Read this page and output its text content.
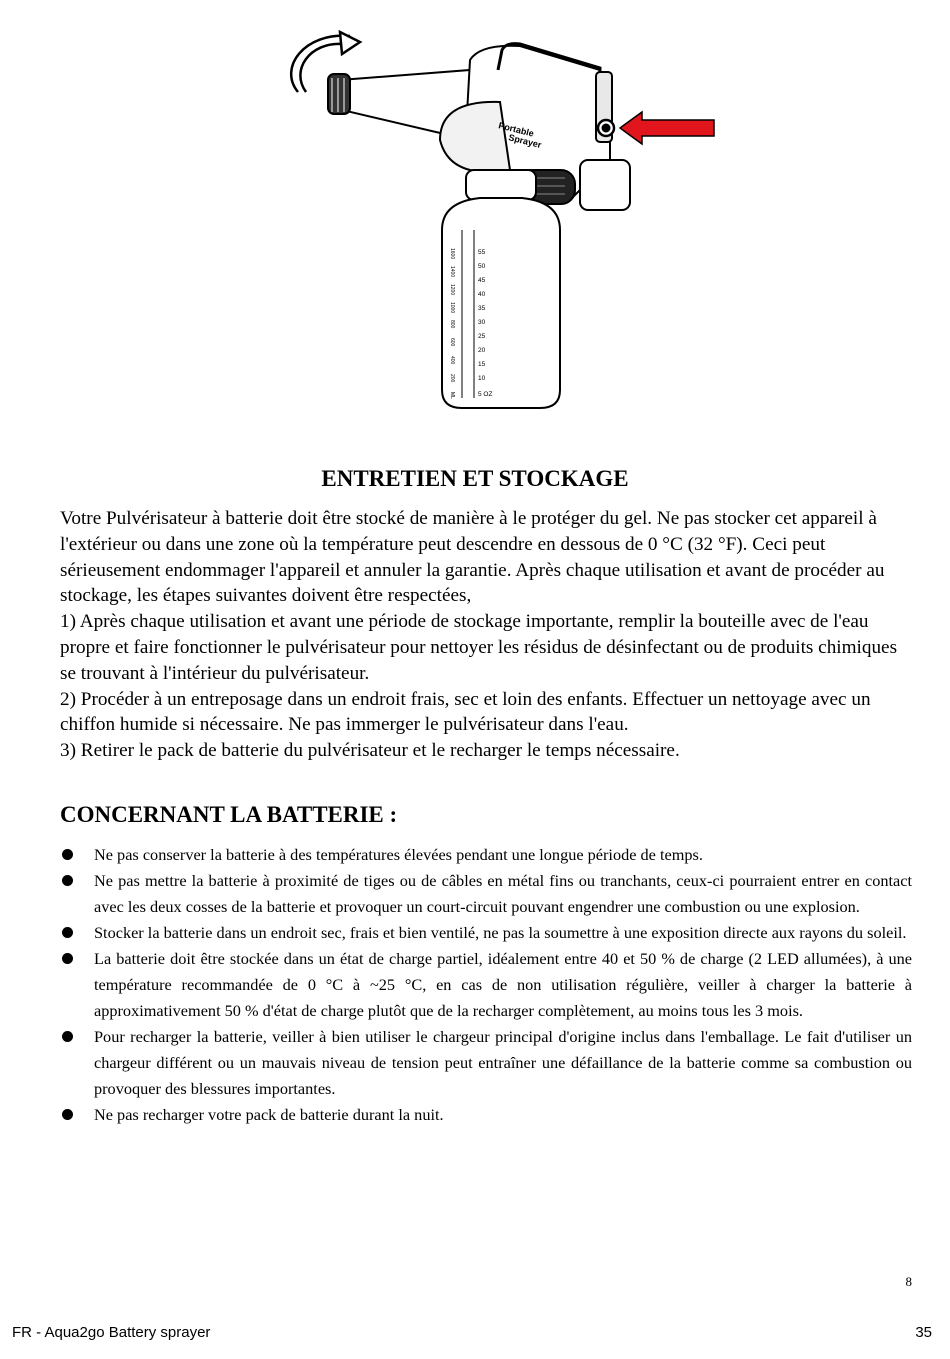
Portable
Sprayer
55
50
45
40
35
30
25
20
15
10
5 OZ
1600
1400
1200
1000
800
600
400
200
ML
ENTRETIEN ET STOCKAGE

Votre Pulvérisateur à batterie doit être stocké de manière à le protéger du gel. Ne pas stocker cet appareil à l'extérieur ou dans une zone où la température peut descendre en dessous de 0 °C (32 °F). Ceci peut sérieusement endommager l'appareil et annuler la garantie. Après chaque utilisation et avant de procéder au stockage, les étapes suivantes doivent être respectées,

1) Après chaque utilisation et avant une période de stockage importante, remplir la bouteille avec de l'eau propre et faire fonctionner le pulvérisateur pour nettoyer les résidus de désinfectant ou de produits chimiques se trouvant à l'intérieur du pulvérisateur.

2) Procéder à un entreposage dans un endroit frais, sec et loin des enfants. Effectuer un nettoyage avec un chiffon humide si nécessaire. Ne pas immerger le pulvérisateur dans l'eau.

3) Retirer le pack de batterie du pulvérisateur et le recharger le temps nécessaire.

CONCERNANT LA BATTERIE :
Ne pas conserver la batterie à des températures élevées pendant une longue période de temps.
Ne pas mettre la batterie à proximité de tiges ou de câbles en métal fins ou tranchants, ceux-ci pourraient entrer en contact avec les deux cosses de la batterie et provoquer un court-circuit pouvant engendrer une combustion ou une explosion.
Stocker la batterie dans un endroit sec, frais et bien ventilé, ne pas la soumettre à une exposition directe aux rayons du soleil.
La batterie doit être stockée dans un état de charge partiel, idéalement entre 40 et 50 % de charge (2 LED allumées), à une température recommandée de 0 °C à ~25 °C, en cas de non utilisation régulière, veiller à charger la batterie à approximativement 50 % d'état de charge plutôt que de la recharger complètement, au moins tous les 3 mois.
Pour recharger la batterie, veiller à bien utiliser le chargeur principal d'origine inclus dans l'emballage. Le fait d'utiliser un chargeur différent ou un mauvais niveau de tension peut entraîner une défaillance de la batterie comme sa combustion ou provoquer des blessures importantes.
Ne pas recharger votre pack de batterie durant la nuit.
8
FR - Aqua2go Battery sprayer	35
